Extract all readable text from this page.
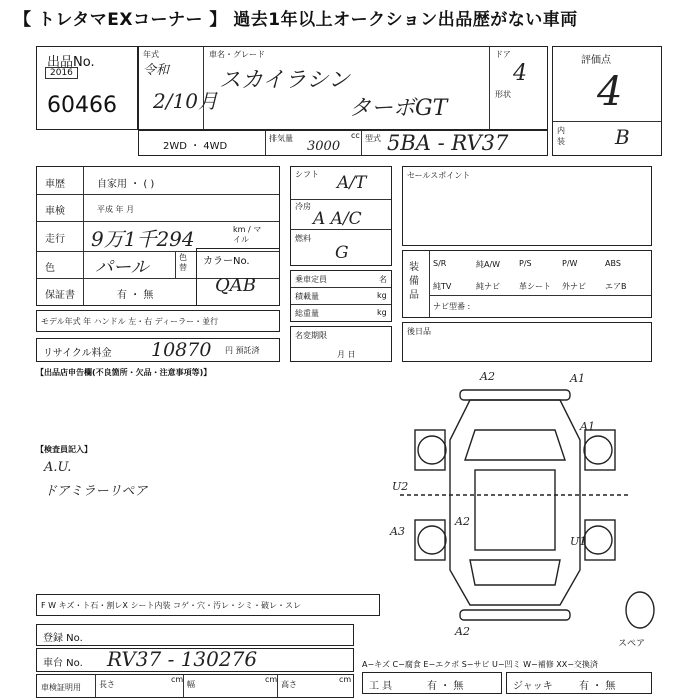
【 トレタマEXコーナー 】 過去1年以上オークション出品歴がない車両
出品No.
2016
60466
年式
令和
2/10月
車名・グレード
スカイラシン
ターボGT
ドア
4
形状
評価点
4
内装	B
2WD ・ 4WD
排気量	cc
3000
型式 5BA - RV37
車歴	自家用 ・ ( )
車検	平成 年 月
走行 9万1千294	km / マイル
色 パール	色替
保証書	有 ・ 無
カラーNo.
QAB
モデル年式 年 ハンドル 左・右 ディーラー・並行
リサイクル料金 10870 円 預託済
【出品店申告欄(不良箇所・欠品・注意事項等)】
【検査員記入】
A.U.
ドアミラーリペア
シフト A/T
冷房
A A/C
燃料
G
乗車定員	名
積載量	kg
総重量	kg
名変期限
月 日
セールスポイント
装備品
S/R	純A/W P/S	P/W	ABS
純TV	純ナビ 革シート 外ナビ エアB
ナビ型番 :
後日品
A1
A1
A2
A3
U1
U2
A2
A2
スペア
F W キズ・ト石・割レX シート内装 コゲ・穴・汚レ・シミ・破レ・スレ
登録 No.
車台 No. RV37 - 130276
車検証明用 長さ
cm
幅
cm
高さ
cm
A−キズ C−腐食 E−エクボ S−サビ U−凹ミ W−補修 XX−交換済
工 具	有 ・ 無	ジャッキ	有 ・ 無
